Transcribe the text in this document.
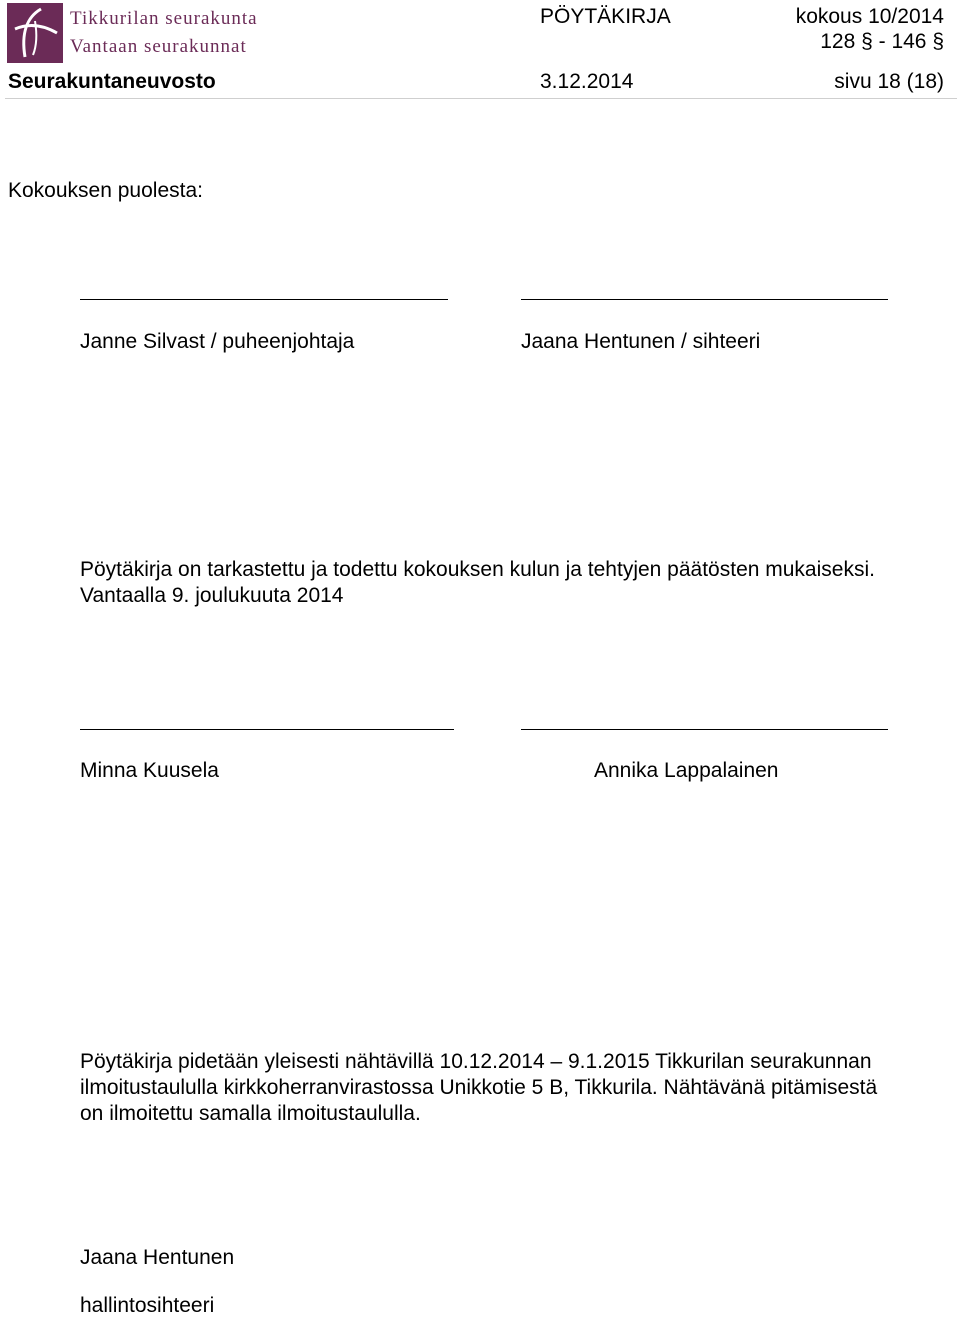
Tikkurilan seurakunta
Vantaan seurakunnat
PÖYTÄKIRJA	kokous 10/2014
128 § - 146 §
Seurakuntaneuvosto	3.12.2014	sivu 18 (18)
Kokouksen puolesta:
Janne Silvast / puheenjohtaja	Jaana Hentunen / sihteeri
Pöytäkirja on tarkastettu ja todettu kokouksen kulun ja tehtyjen päätösten mukaiseksi.
Vantaalla 9. joulukuuta 2014
Minna Kuusela	Annika Lappalainen
Pöytäkirja pidetään yleisesti nähtävillä 10.12.2014 – 9.1.2015 Tikkurilan seurakunnan
ilmoitustaululla kirkkoherranvirastossa Unikkotie 5 B, Tikkurila. Nähtävänä pitämisestä
on ilmoitettu samalla ilmoitustaululla.
Jaana Hentunen
hallintosihteeri
